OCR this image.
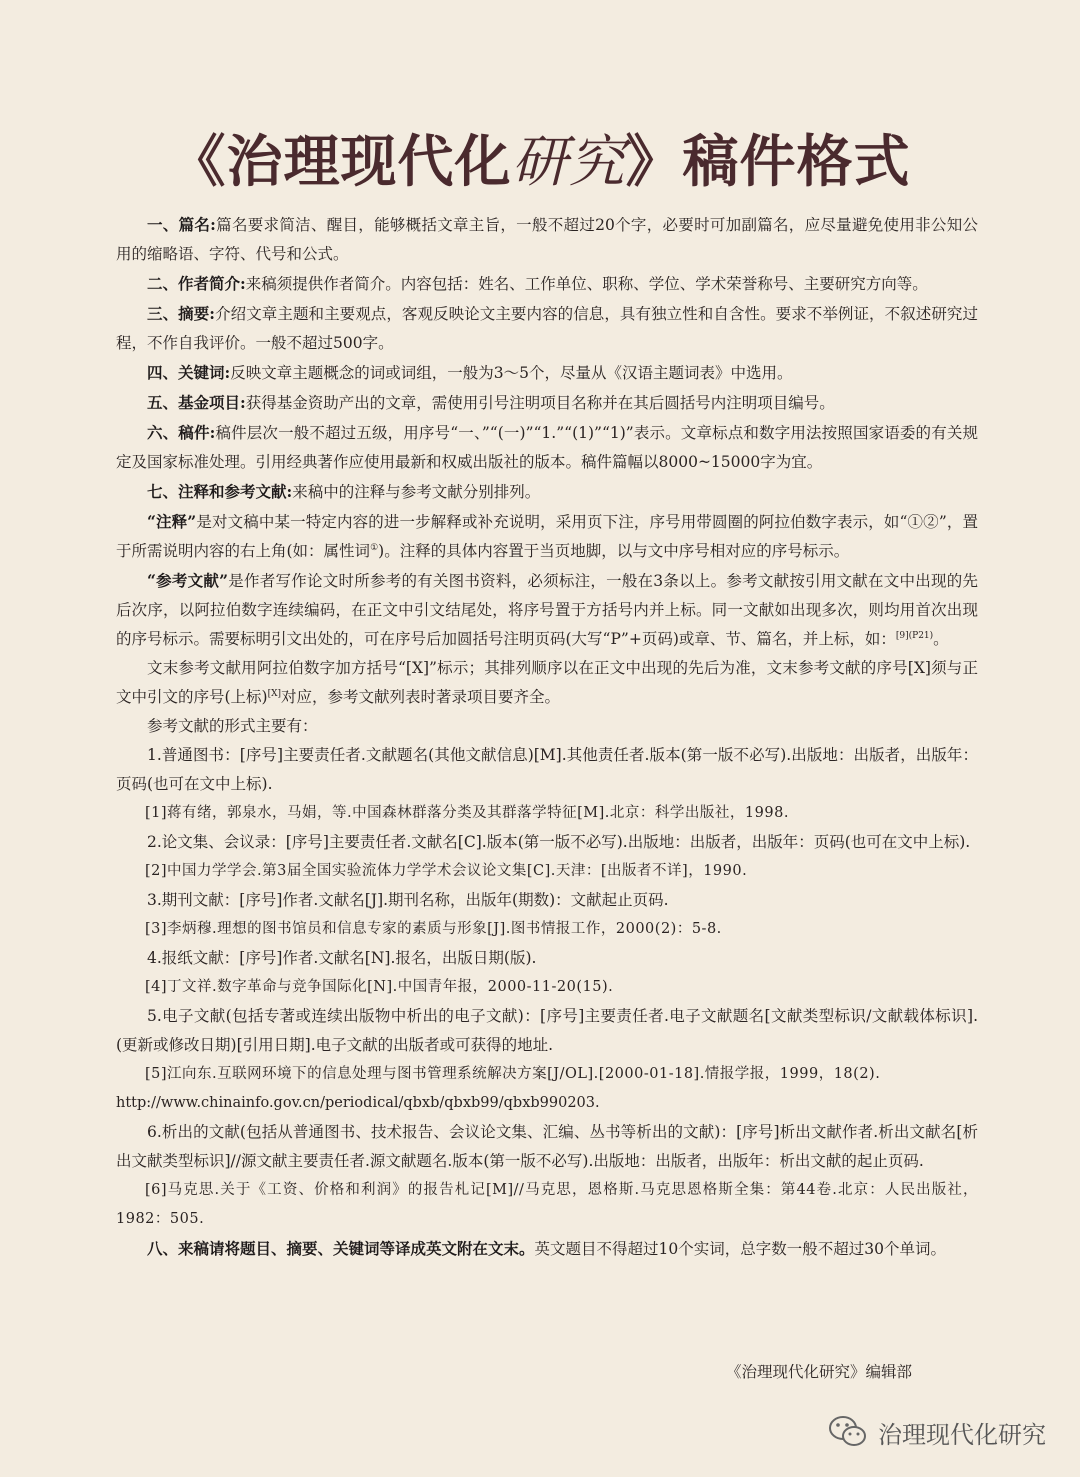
《治理现代化研究》稿件格式

一、篇名:篇名要求简洁、醒目，能够概括文章主旨，一般不超过20个字，必要时可加副篇名，应尽量避免使用非公知公用的缩略语、字符、代号和公式。

二、作者简介:来稿须提供作者简介。内容包括：姓名、工作单位、职称、学位、学术荣誉称号、主要研究方向等。

三、摘要:介绍文章主题和主要观点，客观反映论文主要内容的信息，具有独立性和自含性。要求不举例证，不叙述研究过程，不作自我评价。一般不超过500字。

四、关键词:反映文章主题概念的词或词组，一般为3～5个，尽量从《汉语主题词表》中选用。

五、基金项目:获得基金资助产出的文章，需使用引号注明项目名称并在其后圆括号内注明项目编号。

六、稿件:稿件层次一般不超过五级，用序号“一、”“(一)”“1.”“(1)”“1)”表示。文章标点和数字用法按照国家语委的有关规定及国家标准处理。引用经典著作应使用最新和权威出版社的版本。稿件篇幅以8000~15000字为宜。

七、注释和参考文献:来稿中的注释与参考文献分别排列。

“注释”是对文稿中某一特定内容的进一步解释或补充说明，采用页下注，序号用带圆圈的阿拉伯数字表示，如“①②”，置于所需说明内容的右上角(如：属性词①)。注释的具体内容置于当页地脚，以与文中序号相对应的序号标示。

“参考文献”是作者写作论文时所参考的有关图书资料，必须标注，一般在3条以上。参考文献按引用文献在文中出现的先后次序，以阿拉伯数字连续编码，在正文中引文结尾处，将序号置于方括号内并上标。同一文献如出现多次，则均用首次出现的序号标示。需要标明引文出处的，可在序号后加圆括号注明页码(大写“P”+页码)或章、节、篇名，并上标，如：$^{[9](P21)}$。

文末参考文献用阿拉伯数字加方括号“[X]”标示；其排列顺序以在正文中出现的先后为准，文末参考文献的序号[X]须与正文中引文的序号(上标)[X]对应，参考文献列表时著录项目要齐全。

参考文献的形式主要有：

1.普通图书：[序号]主要责任者.文献题名(其他文献信息)[M].其他责任者.版本(第一版不必写).出版地：出版者，出版年：页码(也可在文中上标).

[1]蒋有绪，郭泉水，马娟，等.中国森林群落分类及其群落学特征[M].北京：科学出版社，1998.

2.论文集、会议录：[序号]主要责任者.文献名[C].版本(第一版不必写).出版地：出版者，出版年：页码(也可在文中上标).

[2]中国力学学会.第3届全国实验流体力学学术会议论文集[C].天津：[出版者不详]，1990.

3.期刊文献：[序号]作者.文献名[J].期刊名称，出版年(期数)：文献起止页码.

[3]李炳穆.理想的图书馆员和信息专家的素质与形象[J].图书情报工作，2000(2)：5-8.

4.报纸文献：[序号]作者.文献名[N].报名，出版日期(版).

[4]丁文祥.数字革命与竞争国际化[N].中国青年报，2000-11-20(15).

5.电子文献(包括专著或连续出版物中析出的电子文献)：[序号]主要责任者.电子文献题名[文献类型标识/文献载体标识].(更新或修改日期)[引用日期].电子文献的出版者或可获得的地址.

[5]江向东.互联网环境下的信息处理与图书管理系统解决方案[J/OL].[2000-01-18].情报学报，1999，18(2).

http://www.chinainfo.gov.cn/periodical/qbxb/qbxb99/qbxb990203.

6.析出的文献(包括从普通图书、技术报告、会议论文集、汇编、丛书等析出的文献)：[序号]析出文献作者.析出文献名[析出文献类型标识]//源文献主要责任者.源文献题名.版本(第一版不必写).出版地：出版者，出版年：析出文献的起止页码.

[6]马克思.关于《工资、价格和利润》的报告札记[M]//马克思，恩格斯.马克思恩格斯全集：第44卷.北京：人民出版社，1982：505.

八、来稿请将题目、摘要、关键词等译成英文附在文末。英文题目不得超过10个实词，总字数一般不超过30个单词。

《治理现代化研究》编辑部
治理现代化研究
